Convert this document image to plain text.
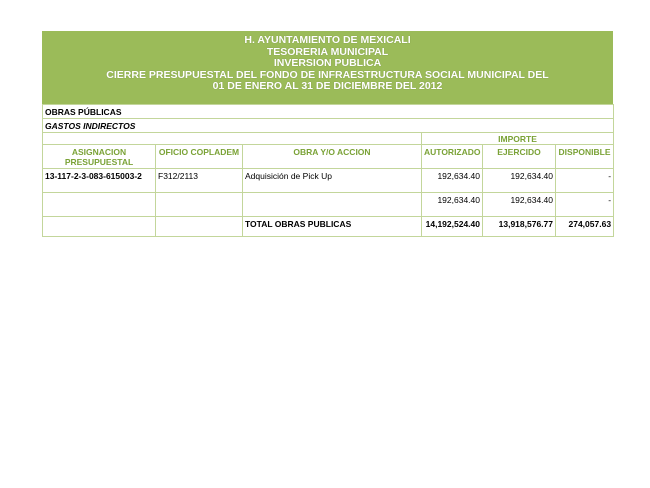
H. AYUNTAMIENTO DE MEXICALI
TESORERIA MUNICIPAL
INVERSION PUBLICA
CIERRE PRESUPUESTAL DEL FONDO DE INFRAESTRUCTURA SOCIAL MUNICIPAL DEL
01 DE ENERO AL 31 DE DICIEMBRE DEL 2012
OBRAS PÚBLICAS					
GASTOS INDIRECTOS					
			IMPORTE		
ASIGNACION PRESUPUESTAL	OFICIO COPLADEM	OBRA Y/O ACCION	AUTORIZADO	EJERCIDO	DISPONIBLE
13-117-2-3-083-615003-2	F312/2113	Adquisición de Pick Up	192,634.40	192,634.40	-
			192,634.40	192,634.40	-
		TOTAL OBRAS PUBLICAS	14,192,524.40	13,918,576.77	274,057.63
